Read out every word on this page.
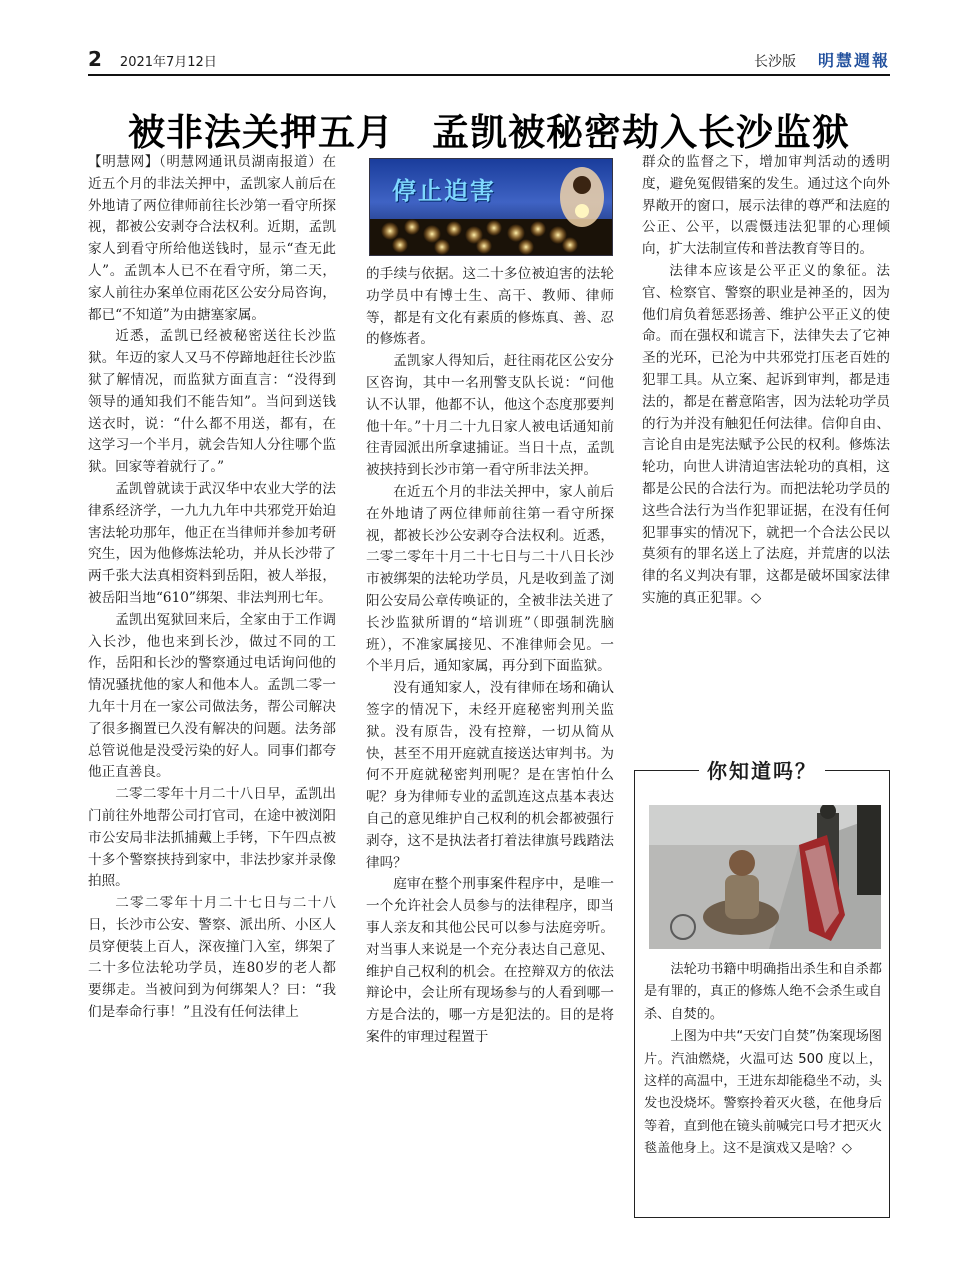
2 2021年7月12日	长沙版 明慧週報
被非法关押五月　孟凯被秘密劫入长沙监狱

【明慧网】（明慧网通讯员湖南报道）在近五个月的非法关押中，孟凯家人前后在外地请了两位律师前往长沙第一看守所探视，都被公安剥夺合法权利。近期，孟凯家人到看守所给他送钱时，显示“查无此人”。孟凯本人已不在看守所，第二天，家人前往办案单位雨花区公安分局咨询，都已“不知道”为由搪塞家属。

近悉，孟凯已经被秘密送往长沙监狱。年迈的家人又马不停蹄地赶往长沙监狱了解情况，而监狱方面直言：“没得到领导的通知我们不能告知”。当问到送钱送衣时，说：“什么都不用送，都有，在这学习一个半月，就会告知人分往哪个监狱。回家等着就行了。”

孟凯曾就读于武汉华中农业大学的法律系经济学，一九九九年中共邪党开始迫害法轮功那年，他正在当律师并参加考研究生，因为他修炼法轮功，并从长沙带了两千张大法真相资料到岳阳，被人举报，被岳阳当地“610”绑架、非法判刑七年。

孟凯出冤狱回来后，全家由于工作调入长沙，他也来到长沙，做过不同的工作，岳阳和长沙的警察通过电话询问他的情况骚扰他的家人和他本人。孟凯二零一九年十月在一家公司做法务，帮公司解决了很多搁置已久没有解决的问题。法务部总管说他是没受污染的好人。同事们都夸他正直善良。

二零二零年十月二十八日早，孟凯出门前往外地帮公司打官司，在途中被浏阳市公安局非法抓捕戴上手铐，下午四点被十多个警察挟持到家中，非法抄家并录像拍照。

二零二零年十月二十七日与二十八日，长沙市公安、警察、派出所、小区人员穿便装上百人，深夜撞门入室，绑架了二十多位法轮功学员，连80岁的老人都要绑走。当被问到为何绑架人？曰：“我们是奉命行事！”且没有任何法律上

停止迫害

的手续与依据。这二十多位被迫害的法轮功学员中有博士生、高干、教师、律师等，都是有文化有素质的修炼真、善、忍的修炼者。

孟凯家人得知后，赶往雨花区公安分区咨询，其中一名刑警支队长说：“问他认不认罪，他都不认，他这个态度那要判他十年。”十月二十九日家人被电话通知前往青园派出所拿逮捕证。当日十点，孟凯被挟持到长沙市第一看守所非法关押。

在近五个月的非法关押中，家人前后在外地请了两位律师前往第一看守所探视，都被长沙公安剥夺合法权利。近悉，二零二零年十月二十七日与二十八日长沙市被绑架的法轮功学员，凡是收到盖了浏阳公安局公章传唤证的，全被非法关进了长沙监狱所谓的“培训班”（即强制洗脑班），不准家属接见、不准律师会见。一个半月后，通知家属，再分到下面监狱。

没有通知家人，没有律师在场和确认签字的情况下，未经开庭秘密判刑关监狱。没有原告，没有控辩，一切从简从快，甚至不用开庭就直接送达审判书。为何不开庭就秘密判刑呢？是在害怕什么呢？身为律师专业的孟凯连这点基本表达自己的意见维护自己权利的机会都被强行剥夺，这不是执法者打着法律旗号践踏法律吗？

庭审在整个刑事案件程序中，是唯一一个允许社会人员参与的法律程序，即当事人亲友和其他公民可以参与法庭旁听。对当事人来说是一个充分表达自己意见、维护自己权利的机会。在控辩双方的依法辩论中，会让所有现场参与的人看到哪一方是合法的，哪一方是犯法的。目的是将案件的审理过程置于

群众的监督之下，增加审判活动的透明度，避免冤假错案的发生。通过这个向外界敞开的窗口，展示法律的尊严和法庭的公正、公平，以震慑违法犯罪的心理倾向，扩大法制宣传和普法教育等目的。

法律本应该是公平正义的象征。法官、检察官、警察的职业是神圣的，因为他们肩负着惩恶扬善、维护公平正义的使命。而在强权和谎言下，法律失去了它神圣的光环，已沦为中共邪党打压老百姓的犯罪工具。从立案、起诉到审判，都是违法的，都是在蓄意陷害，因为法轮功学员的行为并没有触犯任何法律。信仰自由、言论自由是宪法赋予公民的权利。修炼法轮功，向世人讲清迫害法轮功的真相，这都是公民的合法行为。而把法轮功学员的这些合法行为当作犯罪证据，在没有任何犯罪事实的情况下，就把一个合法公民以莫须有的罪名送上了法庭，并荒唐的以法律的名义判决有罪，这都是破坏国家法律实施的真正犯罪。◇

你知道吗？

法轮功书籍中明确指出杀生和自杀都是有罪的，真正的修炼人绝不会杀生或自杀、自焚的。

上图为中共“天安门自焚”伪案现场图片。汽油燃烧，火温可达 500 度以上，这样的高温中，王进东却能稳坐不动，头发也没烧坏。警察拎着灭火毯，在他身后等着，直到他在镜头前喊完口号才把灭火毯盖他身上。这不是演戏又是啥？◇
